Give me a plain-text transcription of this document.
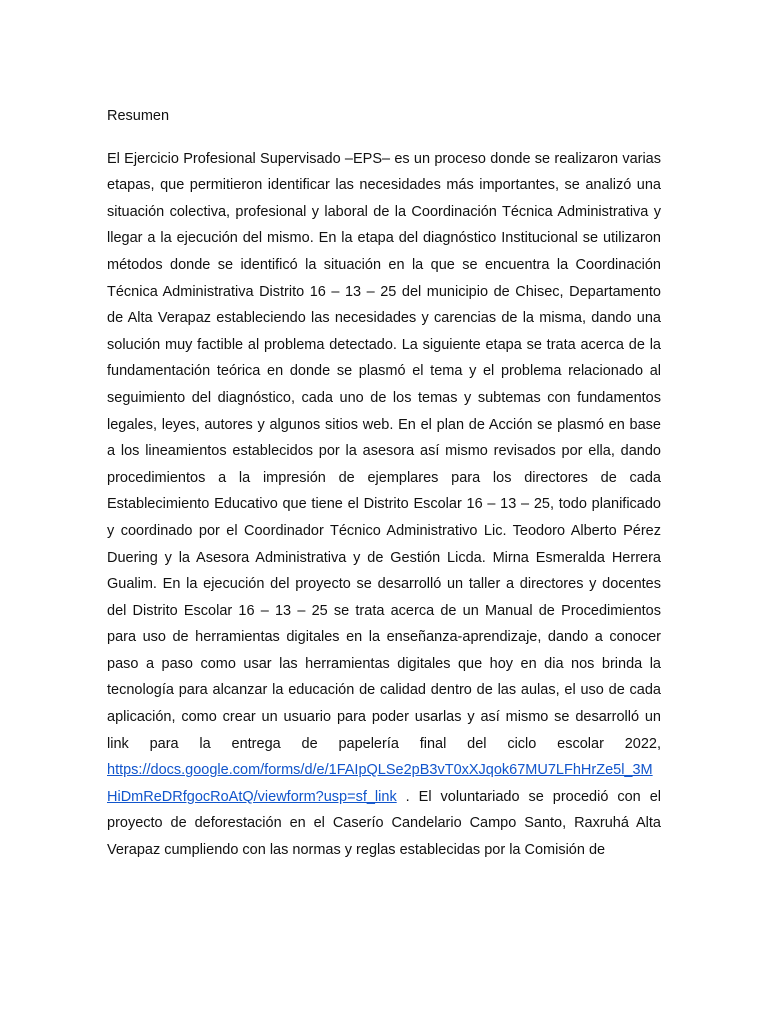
Resumen

El Ejercicio Profesional Supervisado –EPS– es un proceso donde se realizaron varias etapas, que permitieron identificar las necesidades más importantes, se analizó una situación colectiva, profesional y laboral de la Coordinación Técnica Administrativa y llegar a la ejecución del mismo. En la etapa del diagnóstico Institucional se utilizaron métodos donde se identificó la situación en la que se encuentra la Coordinación Técnica Administrativa Distrito 16 – 13 – 25 del municipio de Chisec, Departamento de Alta Verapaz estableciendo las necesidades y carencias de la misma, dando una solución muy factible al problema detectado. La siguiente etapa se trata acerca de la fundamentación teórica en donde se plasmó el tema y el problema relacionado al seguimiento del diagnóstico, cada uno de los temas y subtemas con fundamentos legales, leyes, autores y algunos sitios web. En el plan de Acción se plasmó en base a los lineamientos establecidos por la asesora así mismo revisados por ella, dando procedimientos a la impresión de ejemplares para los directores de cada Establecimiento Educativo que tiene el Distrito Escolar 16 – 13 – 25, todo planificado y coordinado por el Coordinador Técnico Administrativo Lic. Teodoro Alberto Pérez Duering y la Asesora Administrativa y de Gestión Licda. Mirna Esmeralda Herrera Gualim. En la ejecución del proyecto se desarrolló un taller a directores y docentes del Distrito Escolar 16 – 13 – 25 se trata acerca de un Manual de Procedimientos para uso de herramientas digitales en la enseñanza-aprendizaje, dando a conocer paso a paso como usar las herramientas digitales que hoy en dia nos brinda la tecnología para alcanzar la educación de calidad dentro de las aulas, el uso de cada aplicación, como crear un usuario para poder usarlas y así mismo se desarrolló un link para la entrega de papelería final del ciclo escolar 2022, https://docs.google.com/forms/d/e/1FAIpQLSe2pB3vT0xXJqok67MU7LFhHrZe5l_3MHiDmReDRfgocRoAtQ/viewform?usp=sf_link . El voluntariado se procedió con el proyecto de deforestación en el Caserío Candelario Campo Santo, Raxruhá Alta Verapaz cumpliendo con las normas y reglas establecidas por la Comisión de
